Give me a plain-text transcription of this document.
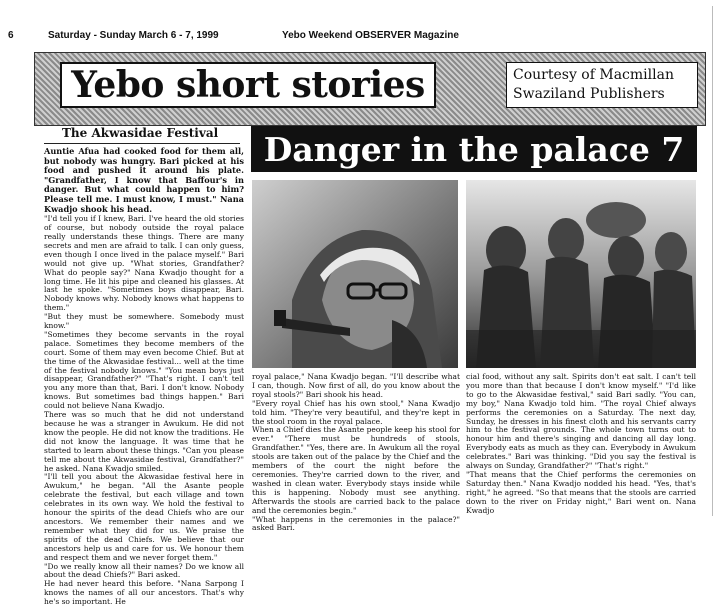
6	Saturday - Sunday March 6 - 7, 1999	Yebo Weekend OBSERVER Magazine
Yebo short stories	Courtesy of Macmillan
Swaziland Publishers
The Akwasidae Festival Danger in the palace 7

Auntie Afua had cooked food for them all, but nobody was hungry. Bari picked at his food and pushed it around his plate. "Grandfather, I know that Baffour's in danger. But what could happen to him? Please tell me. I must know, I must." Nana Kwadjo shook his head.

"I'd tell you if I knew, Bari. I've heard the old stories of course, but nobody outside the royal palace really understands these things. There are many secrets and men are afraid to talk. I can only guess, even though I once lived in the palace myself." Bari would not give up. "What stories, Grandfather? What do people say?" Nana Kwadjo thought for a long time. He lit his pipe and cleaned his glasses. At last he spoke. "Sometimes boys disappear, Bari. Nobody knows why. Nobody knows what happens to them."

"But they must be somewhere. Somebody must know."

"Sometimes they become servants in the royal palace. Sometimes they become members of the court. Some of them may even become Chief. But at the time of the Akwasidae festival... well at the time of the festival nobody knows." "You mean boys just disappear, Grandfather?" "That's right. I can't tell you any more than that, Bari. I don't know. Nobody knows. But sometimes bad things happen." Bari could not believe Nana Kwadjo.

There was so much that he did not understand because he was a stranger in Awukum. He did not know the people. He did not know the traditions. He did not know the language. It was time that he started to learn about these things. "Can you please tell me about the Akwasidae festival, Grandfather?" he asked. Nana Kwadjo smiled.

"I'll tell you about the Akwasidae festival here in Awukum," he began. "All the Asante people celebrate the festival, but each village and town celebrates in its own way. We hold the festival to honour the spirits of the dead Chiefs who are our ancestors. We remember their names and we remember what they did for us. We praise the spirits of the dead Chiefs. We believe that our ancestors help us and care for us. We honour them and respect them and we never forget them."

"Do we really know all their names? Do we know all about the dead Chiefs?" Bari asked.

He had never heard this before. "Nana Sarpong I knows the names of all our ancestors. That's why he's so important. He

royal palace," Nana Kwadjo began. "I'll describe what I can, though. Now first of all, do you know about the royal stools?" Bari shook his head.

"Every royal Chief has his own stool," Nana Kwadjo told him. "They're very beautiful, and they're kept in the stool room in the royal palace.

When a Chief dies the Asante people keep his stool for ever." "There must be hundreds of stools, Grandfather." "Yes, there are. In Awukum all the royal stools are taken out of the palace by the Chief and the members of the court the night before the ceremonies. They're carried down to the river, and washed in clean water. Everybody stays inside while this is happening. Nobody must see anything. Afterwards the stools are carried back to the palace and the ceremonies begin."

"What happens in the ceremonies in the palace?" asked Bari.

cial food, without any salt. Spirits don't eat salt. I can't tell you more than that because I don't know myself." "I'd like to go to the Akwasidae festival," said Bari sadly. "You can, my boy," Nana Kwadjo told him. "The royal Chief always performs the ceremonies on a Saturday. The next day, Sunday, he dresses in his finest cloth and his servants carry him to the festival grounds. The whole town turns out to honour him and there's singing and dancing all day long. Everybody eats as much as they can. Everybody in Awukum celebrates." Bari was thinking. "Did you say the festival is always on Sunday, Grandfather?" "That's right."

"That means that the Chief performs the ceremonies on Saturday then." Nana Kwadjo nodded his head. "Yes, that's right," he agreed. "So that means that the stools are carried down to the river on Friday night," Bari went on. Nana Kwadjo
